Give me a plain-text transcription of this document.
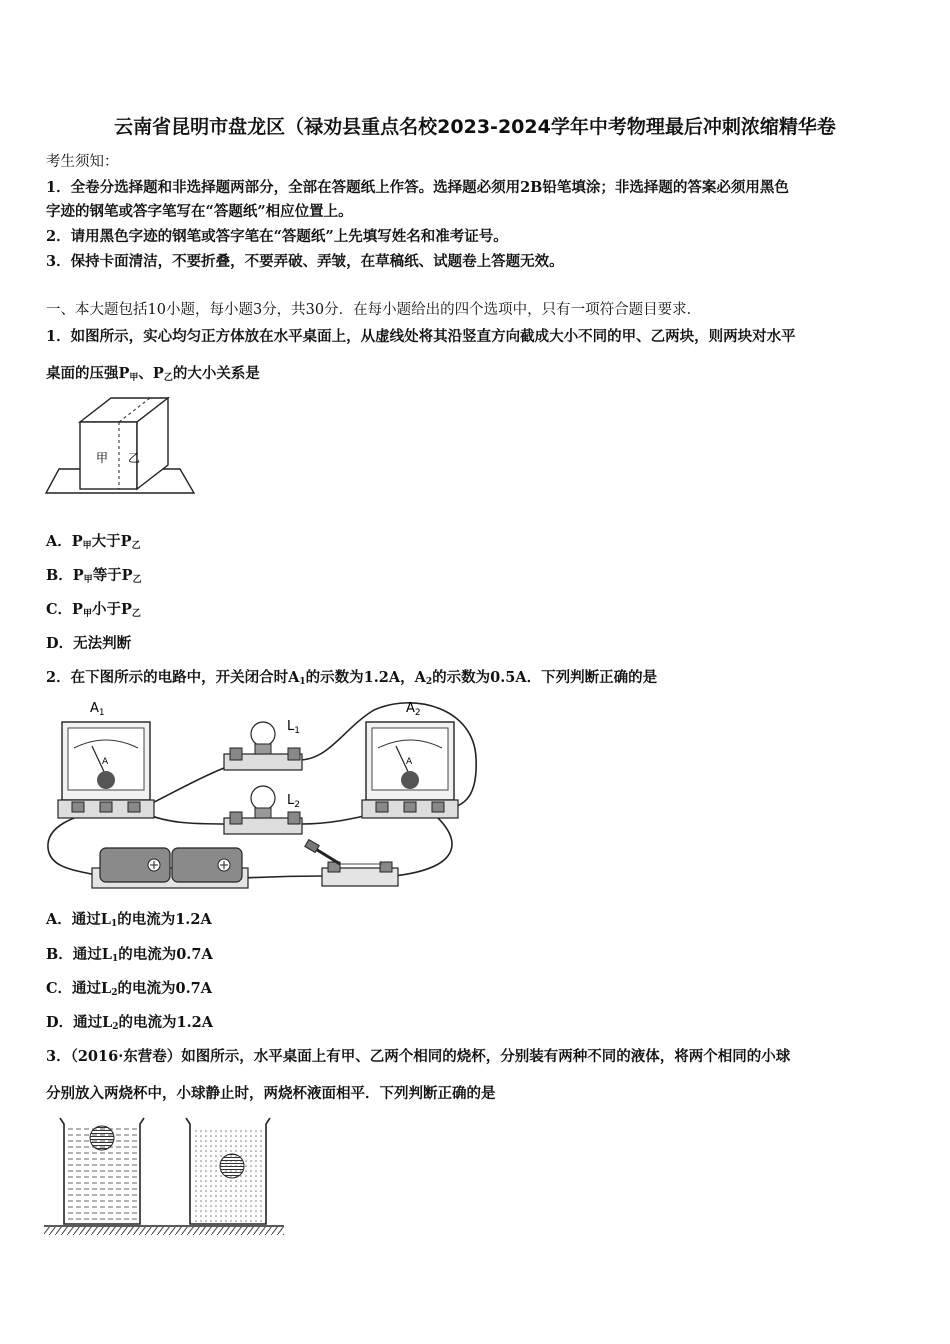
云南省昆明市盘龙区（禄劝县重点名校2023-2024学年中考物理最后冲刺浓缩精华卷
考生须知：
1．全卷分选择题和非选择题两部分，全部在答题纸上作答。选择题必须用2B铅笔填涂；非选择题的答案必须用黑色
字迹的钢笔或答字笔写在“答题纸”相应位置上。
2．请用黑色字迹的钢笔或答字笔在“答题纸”上先填写姓名和准考证号。
3．保持卡面清洁，不要折叠，不要弄破、弄皱，在草稿纸、试题卷上答题无效。
一、本大题包括10小题，每小题3分，共30分．在每小题给出的四个选项中，只有一项符合题目要求．
1．如图所示，实心均匀正方体放在水平桌面上，从虚线处将其沿竖直方向截成大小不同的甲、乙两块，则两块对水平
桌面的压强$P_甲$、$P_乙$的大小关系是
甲 乙
A．$P_甲$大于$P_乙$
B．$P_甲$等于$P_乙$
C．$P_甲$小于$P_乙$
D．无法判断
2．在下图所示的电路中，开关闭合时$A_1$的示数为1.2A，$A_2$的示数为0.5A．下列判断正确的是
A
$A_1$
$L_1$
$L_2$
A
$A_2$
A．通过$L_1$的电流为1.2A
B．通过$L_1$的电流为0.7A
C．通过$L_2$的电流为0.7A
D．通过$L_2$的电流为1.2A
3．（2016·东营卷）如图所示，水平桌面上有甲、乙两个相同的烧杯，分别装有两种不同的液体，将两个相同的小球
分别放入两烧杯中，小球静止时，两烧杯液面相平．下列判断正确的是
